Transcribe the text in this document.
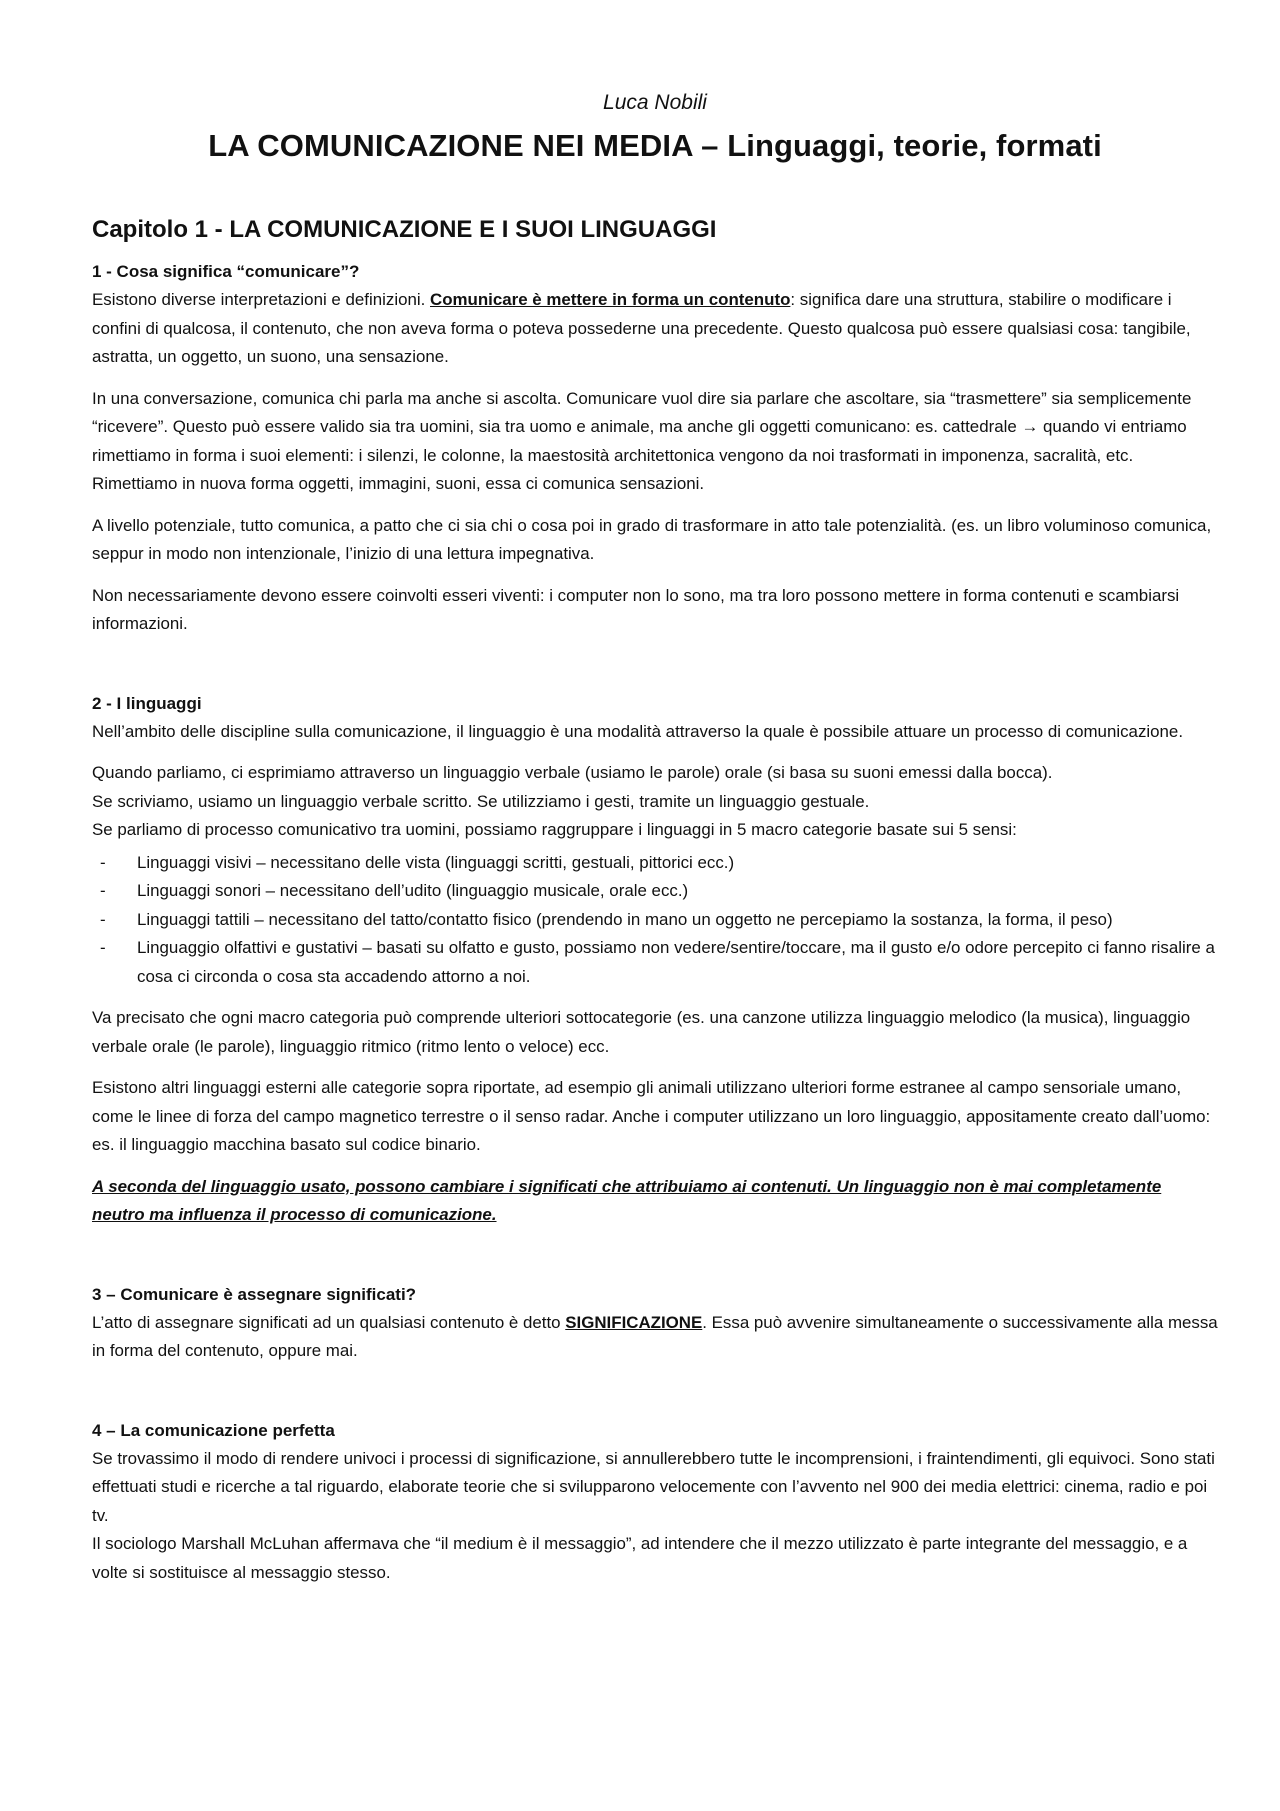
Luca Nobili
LA COMUNICAZIONE NEI MEDIA – Linguaggi, teorie, formati
Capitolo 1 - LA COMUNICAZIONE E I SUOI LINGUAGGI
1 - Cosa significa “comunicare”?

Esistono diverse interpretazioni e definizioni. Comunicare è mettere in forma un contenuto: significa dare una struttura, stabilire o modificare i confini di qualcosa, il contenuto, che non aveva forma o poteva possederne una precedente. Questo qualcosa può essere qualsiasi cosa: tangibile, astratta, un oggetto, un suono, una sensazione.

In una conversazione, comunica chi parla ma anche si ascolta. Comunicare vuol dire sia parlare che ascoltare, sia “trasmettere” sia semplicemente “ricevere”. Questo può essere valido sia tra uomini, sia tra uomo e animale, ma anche gli oggetti comunicano: es. cattedrale → quando vi entriamo rimettiamo in forma i suoi elementi: i silenzi, le colonne, la maestosità architettonica vengono da noi trasformati in imponenza, sacralità, etc. Rimettiamo in nuova forma oggetti, immagini, suoni, essa ci comunica sensazioni.

A livello potenziale, tutto comunica, a patto che ci sia chi o cosa poi in grado di trasformare in atto tale potenzialità. (es. un libro voluminoso comunica, seppur in modo non intenzionale, l’inizio di una lettura impegnativa.

Non necessariamente devono essere coinvolti esseri viventi: i computer non lo sono, ma tra loro possono mettere in forma contenuti e scambiarsi informazioni.

2 - I linguaggi

Nell’ambito delle discipline sulla comunicazione, il linguaggio è una modalità attraverso la quale è possibile attuare un processo di comunicazione.

Quando parliamo, ci esprimiamo attraverso un linguaggio verbale (usiamo le parole) orale (si basa su suoni emessi dalla bocca).

Se scriviamo, usiamo un linguaggio verbale scritto. Se utilizziamo i gesti, tramite un linguaggio gestuale.

Se parliamo di processo comunicativo tra uomini, possiamo raggruppare i linguaggi in 5 macro categorie basate sui 5 sensi:

- Linguaggi visivi – necessitano delle vista (linguaggi scritti, gestuali, pittorici ecc.)
- Linguaggi sonori – necessitano dell’udito (linguaggio musicale, orale ecc.)
- Linguaggi tattili – necessitano del tatto/contatto fisico (prendendo in mano un oggetto ne percepiamo la sostanza, la forma, il peso)
- Linguaggio olfattivi e gustativi – basati su olfatto e gusto, possiamo non vedere/sentire/toccare, ma il gusto e/o odore percepito ci fanno risalire a cosa ci circonda o cosa sta accadendo attorno a noi.

Va precisato che ogni macro categoria può comprende ulteriori sottocategorie (es. una canzone utilizza linguaggio melodico (la musica), linguaggio verbale orale (le parole), linguaggio ritmico (ritmo lento o veloce) ecc.

Esistono altri linguaggi esterni alle categorie sopra riportate, ad esempio gli animali utilizzano ulteriori forme estranee al campo sensoriale umano, come le linee di forza del campo magnetico terrestre o il senso radar. Anche i computer utilizzano un loro linguaggio, appositamente creato dall’uomo: es. il linguaggio macchina basato sul codice binario.

A seconda del linguaggio usato, possono cambiare i significati che attribuiamo ai contenuti. Un linguaggio non è mai completamente neutro ma influenza il processo di comunicazione.

3 – Comunicare è assegnare significati?

L’atto di assegnare significati ad un qualsiasi contenuto è detto SIGNIFICAZIONE. Essa può avvenire simultaneamente o successivamente alla messa in forma del contenuto, oppure mai.

4 – La comunicazione perfetta

Se trovassimo il modo di rendere univoci i processi di significazione, si annullerebbero tutte le incomprensioni, i fraintendimenti, gli equivoci. Sono stati effettuati studi e ricerche a tal riguardo, elaborate teorie che si svilupparono velocemente con l’avvento nel 900 dei media elettrici: cinema, radio e poi tv.

Il sociologo Marshall McLuhan affermava che “il medium è il messaggio”, ad intendere che il mezzo utilizzato è parte integrante del messaggio, e a volte si sostituisce al messaggio stesso.
